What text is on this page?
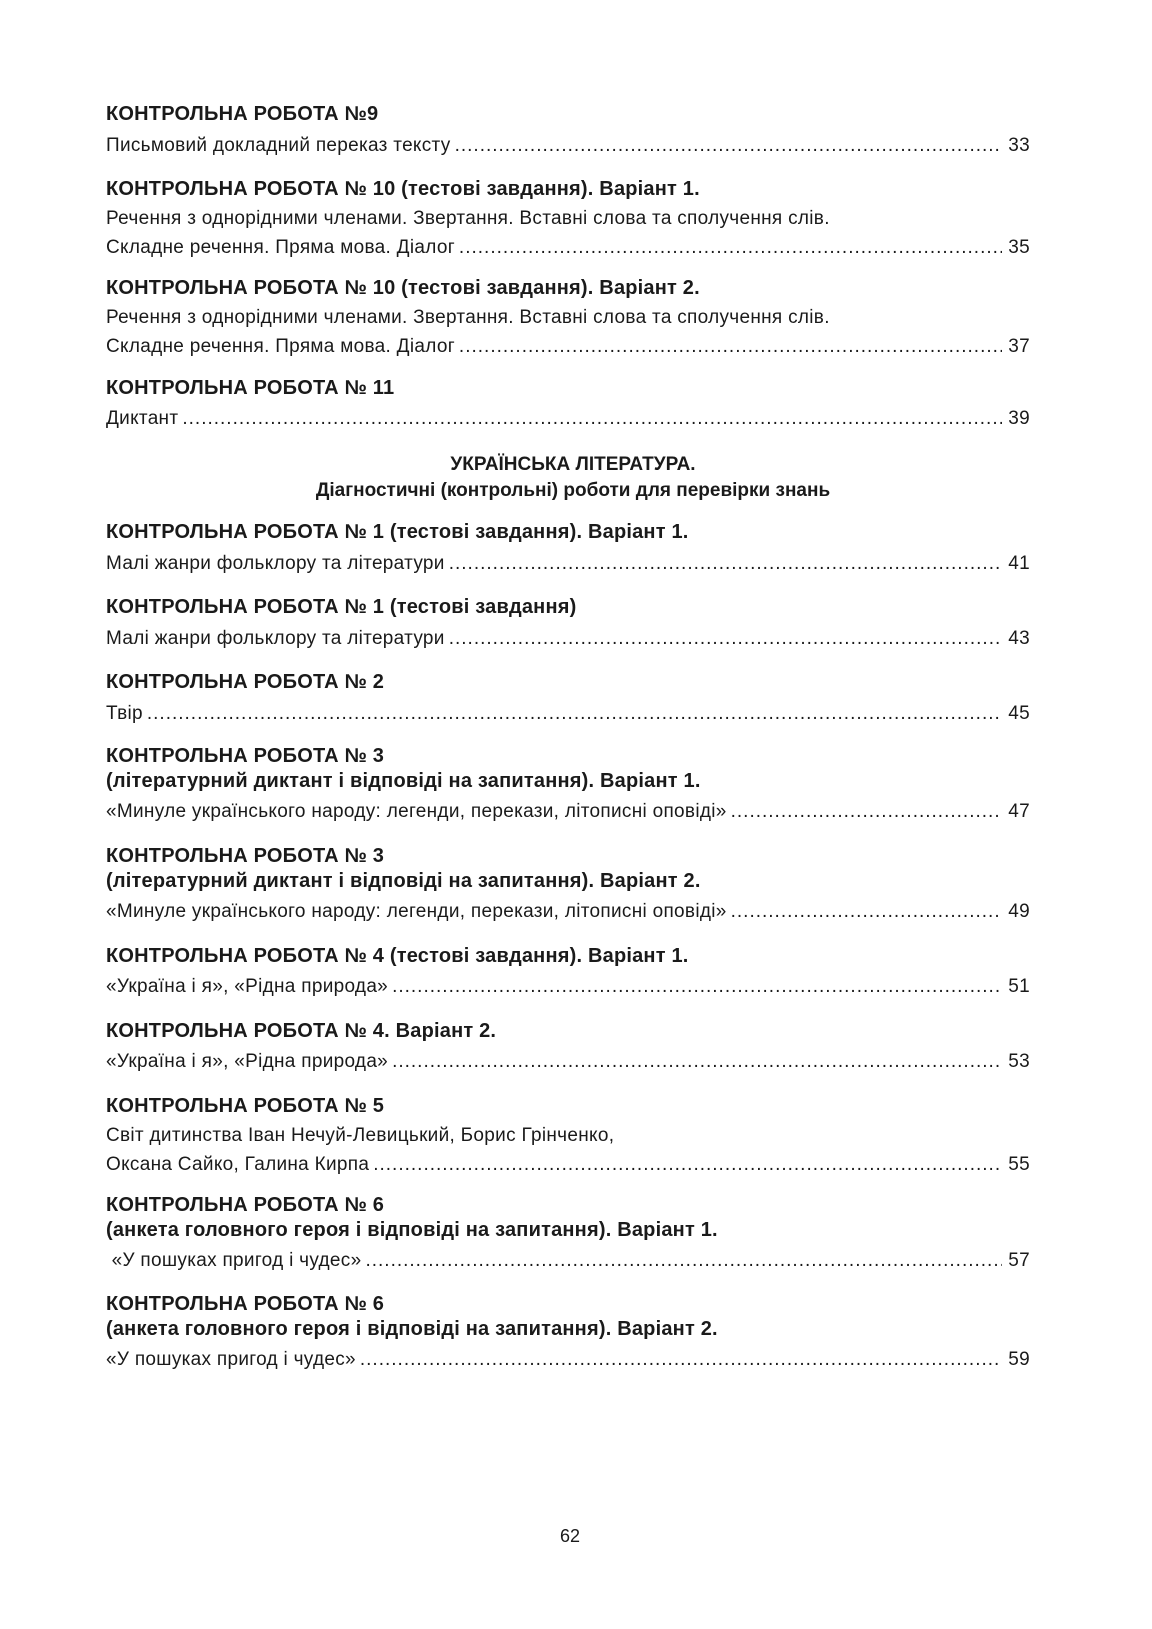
КОНТРОЛЬНА РОБОТА №9
Письмовий докладний переказ тексту .....	33
КОНТРОЛЬНА РОБОТА № 10 (тестові завдання). Варіант 1.
Речення з однорідними членами. Звертання. Вставні слова та сполучення слів.
Складне речення. Пряма мова. Діалог .....	35
КОНТРОЛЬНА РОБОТА № 10 (тестові завдання). Варіант 2.
Речення з однорідними членами. Звертання. Вставні слова та сполучення слів.
Складне речення. Пряма мова. Діалог .....	37
КОНТРОЛЬНА РОБОТА № 11
Диктант .....	39
УКРАЇНСЬКА ЛІТЕРАТУРА.
Діагностичні (контрольні) роботи для перевірки знань
КОНТРОЛЬНА РОБОТА № 1 (тестові завдання). Варіант 1.
Малі жанри фольклору та літератури .....	41
КОНТРОЛЬНА РОБОТА № 1 (тестові завдання)
Малі жанри фольклору та літератури .....	43
КОНТРОЛЬНА РОБОТА № 2
Твір .....	45
КОНТРОЛЬНА РОБОТА № 3
(літературний диктант і відповіді на запитання). Варіант 1.
«Минуле українського народу: легенди, перекази, літописні оповіді» .....	47
КОНТРОЛЬНА РОБОТА № 3
(літературний диктант і відповіді на запитання). Варіант 2.
«Минуле українського народу: легенди, перекази, літописні оповіді» .....	49
КОНТРОЛЬНА РОБОТА № 4 (тестові завдання). Варіант 1.
«Україна і я», «Рідна природа» .....	51
КОНТРОЛЬНА РОБОТА № 4. Варіант 2.
«Україна і я», «Рідна природа» .....	53
КОНТРОЛЬНА РОБОТА № 5
Світ дитинства Іван Нечуй-Левицький, Борис Грінченко,
Оксана Сайко, Галина Кирпа .....	55
КОНТРОЛЬНА РОБОТА № 6
(анкета головного героя і відповіді на запитання). Варіант 1.
«У пошуках пригод і чудес» .....	57
КОНТРОЛЬНА РОБОТА № 6
(анкета головного героя і відповіді на запитання). Варіант 2.
«У пошуках пригод і чудес» .....	59
62
